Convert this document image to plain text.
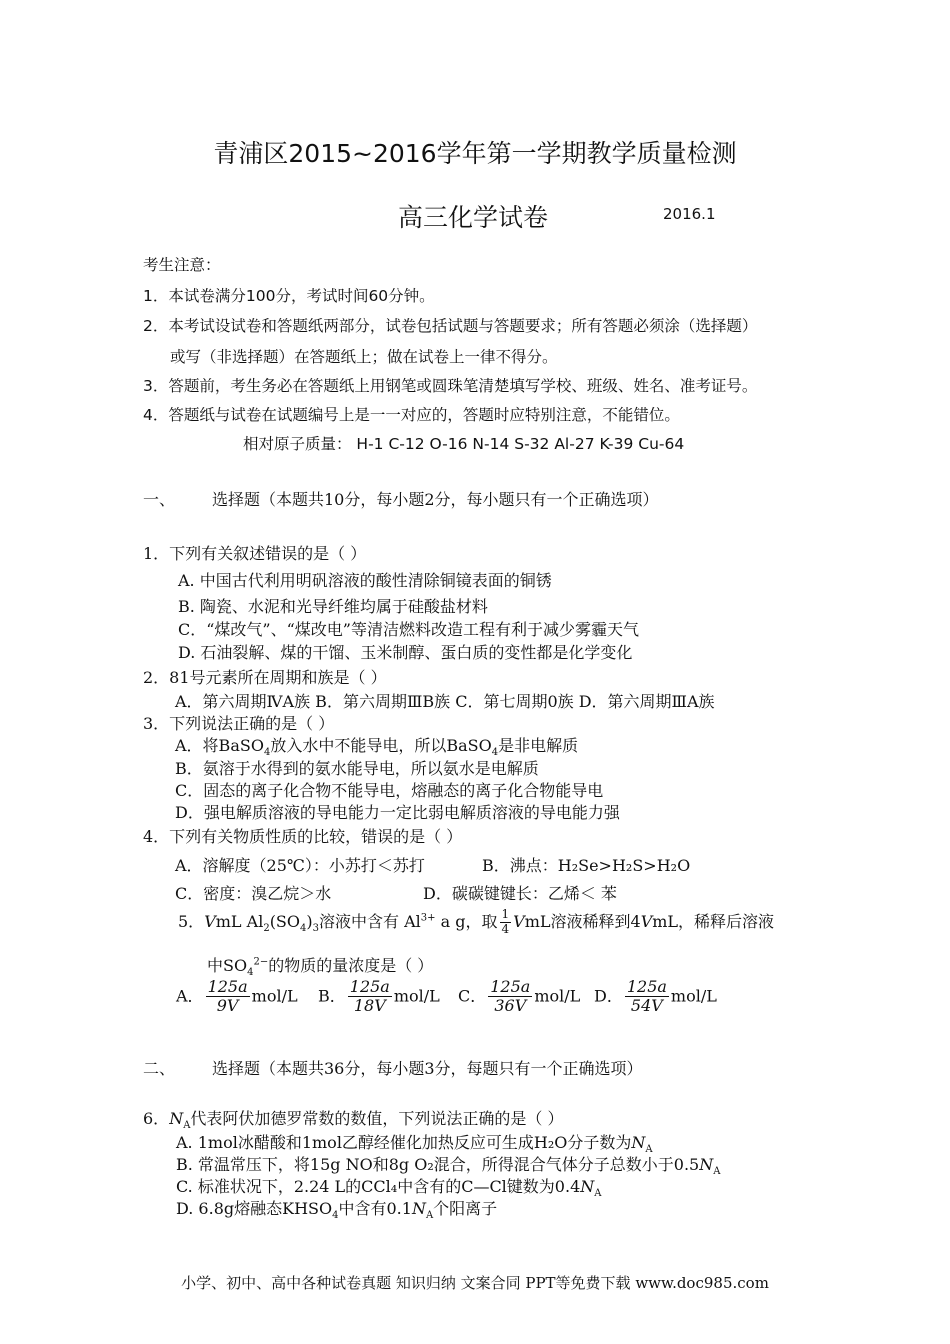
青浦区2015~2016学年第一学期教学质量检测
高三化学试卷	2016.1
考生注意：
1．本试卷满分100分，考试时间60分钟。
2．本考试设试卷和答题纸两部分，试卷包括试题与答题要求；所有答题必须涂（选择题）
或写（非选择题）在答题纸上；做在试卷上一律不得分。
3．答题前，考生务必在答题纸上用钢笔或圆珠笔清楚填写学校、班级、姓名、准考证号。
4．答题纸与试卷在试题编号上是一一对应的，答题时应特别注意，不能错位。
相对原子质量： H-1 C-12 O-16 N-14 S-32 Al-27 K-39 Cu-64
一、 选择题（本题共10分，每小题2分，每小题只有一个正确选项）
1．下列有关叙述错误的是（ ）
A. 中国古代利用明矾溶液的酸性清除铜镜表面的铜锈
B. 陶瓷、水泥和光导纤维均属于硅酸盐材料
C．“煤改气”、“煤改电”等清洁燃料改造工程有利于减少雾霾天气
D. 石油裂解、煤的干馏、玉米制醇、蛋白质的变性都是化学变化
2．81号元素所在周期和族是（ ）
A．第六周期ⅣA族 B．第六周期ⅢB族 C．第七周期0族 D．第六周期ⅢA族
3．下列说法正确的是（ ）
A．将BaSO$_4$放入水中不能导电，所以BaSO$_4$是非电解质
B．氨溶于水得到的氨水能导电，所以氨水是电解质
C．固态的离子化合物不能导电，熔融态的离子化合物能导电
D．强电解质溶液的导电能力一定比弱电解质溶液的导电能力强
4．下列有关物质性质的比较，错误的是（ ）
A．溶解度（25℃）：小苏打＜苏打	B．沸点：H₂Se>H₂S>H₂O
C．密度：溴乙烷＞水	D．碳碳键键长：乙烯＜ 苯
5．VmL $Al_2(SO_4)_3$溶液中含有 $Al^{3+}$ a g，取 $\frac{1}{4}$ VmL溶液稀释到4VmL，稀释后溶液
中$SO_4^{2-}$的物质的量浓度是（ ）
A． $\frac{125a}{9V} mol/L$ B． $\frac{125a}{18V} mol/L$ C． $\frac{125a}{36V} mol/L$ D． $\frac{125a}{54V} mol/L$
二、 选择题（本题共36分，每小题3分，每题只有一个正确选项）
6．$N_A$代表阿伏加德罗常数的数值，下列说法正确的是（ ）
A. 1mol冰醋酸和1mol乙醇经催化加热反应可生成H₂O分子数为$N_A$
B. 常温常压下，将15g NO和8g O₂混合，所得混合气体分子总数小于$0.5N_A$
C. 标准状况下，2.24 L的CCl₄中含有的C—Cl键数为$0.4N_A$
D. 6.8g熔融态$KHSO_4$中含有$0.1N_A$个阳离子
小学、初中、高中各种试卷真题 知识归纳 文案合同 PPT等免费下载 www.doc985.com
